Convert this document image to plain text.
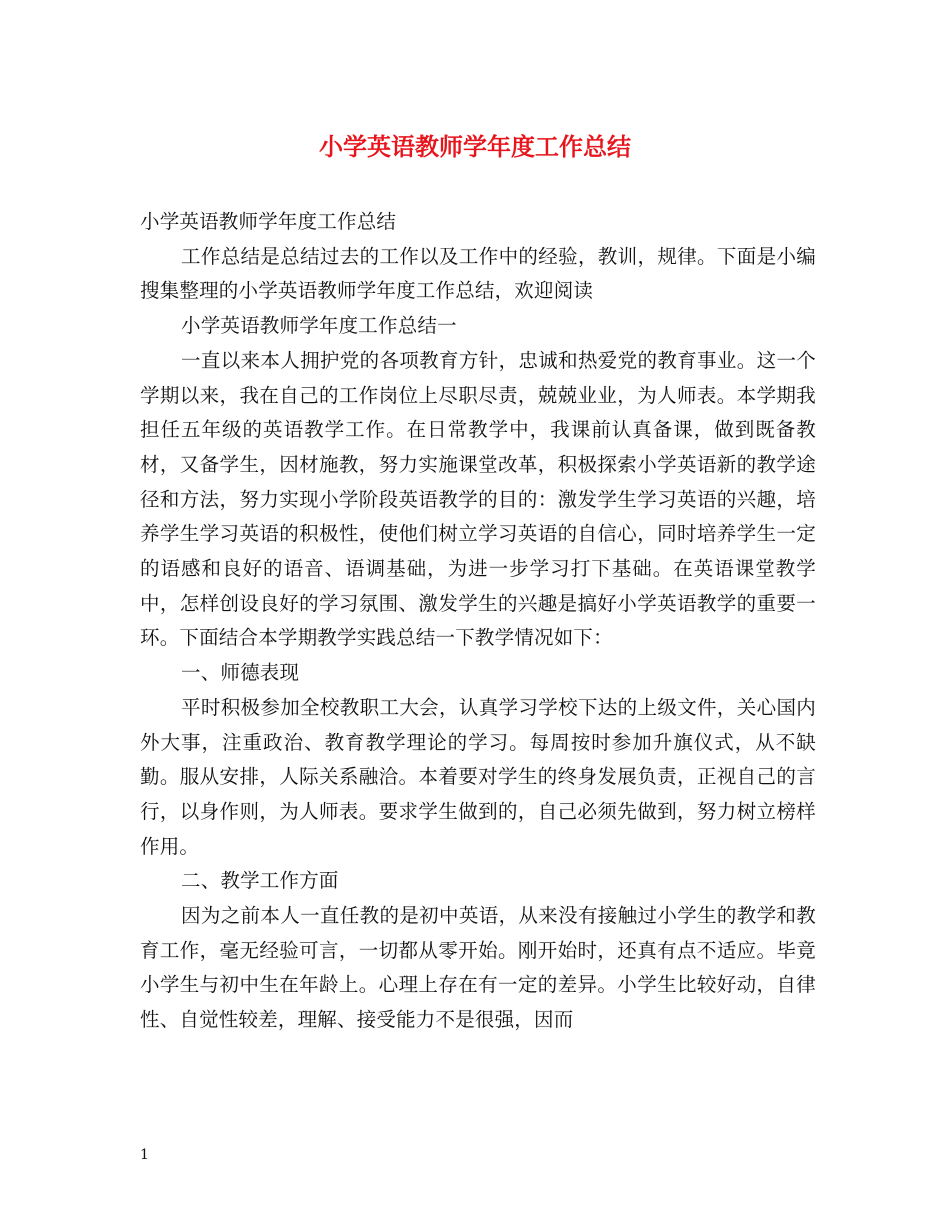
小学英语教师学年度工作总结

小学英语教师学年度工作总结

工作总结是总结过去的工作以及工作中的经验，教训，规律。下面是小编搜集整理的小学英语教师学年度工作总结，欢迎阅读

小学英语教师学年度工作总结一

一直以来本人拥护党的各项教育方针，忠诚和热爱党的教育事业。这一个学期以来，我在自己的工作岗位上尽职尽责，兢兢业业，为人师表。本学期我担任五年级的英语教学工作。在日常教学中，我课前认真备课，做到既备教材，又备学生，因材施教，努力实施课堂改革，积极探索小学英语新的教学途径和方法，努力实现小学阶段英语教学的目的：激发学生学习英语的兴趣，培养学生学习英语的积极性，使他们树立学习英语的自信心，同时培养学生一定的语感和良好的语音、语调基础，为进一步学习打下基础。在英语课堂教学中，怎样创设良好的学习氛围、激发学生的兴趣是搞好小学英语教学的重要一环。下面结合本学期教学实践总结一下教学情况如下：

一、师德表现

平时积极参加全校教职工大会，认真学习学校下达的上级文件，关心国内外大事，注重政治、教育教学理论的学习。每周按时参加升旗仪式，从不缺勤。服从安排，人际关系融洽。本着要对学生的终身发展负责，正视自己的言行，以身作则，为人师表。要求学生做到的，自己必须先做到，努力树立榜样作用。

二、教学工作方面

因为之前本人一直任教的是初中英语，从来没有接触过小学生的教学和教育工作，毫无经验可言，一切都从零开始。刚开始时，还真有点不适应。毕竟小学生与初中生在年龄上。心理上存在有一定的差异。小学生比较好动，自律性、自觉性较差，理解、接受能力不是很强，因而

1
